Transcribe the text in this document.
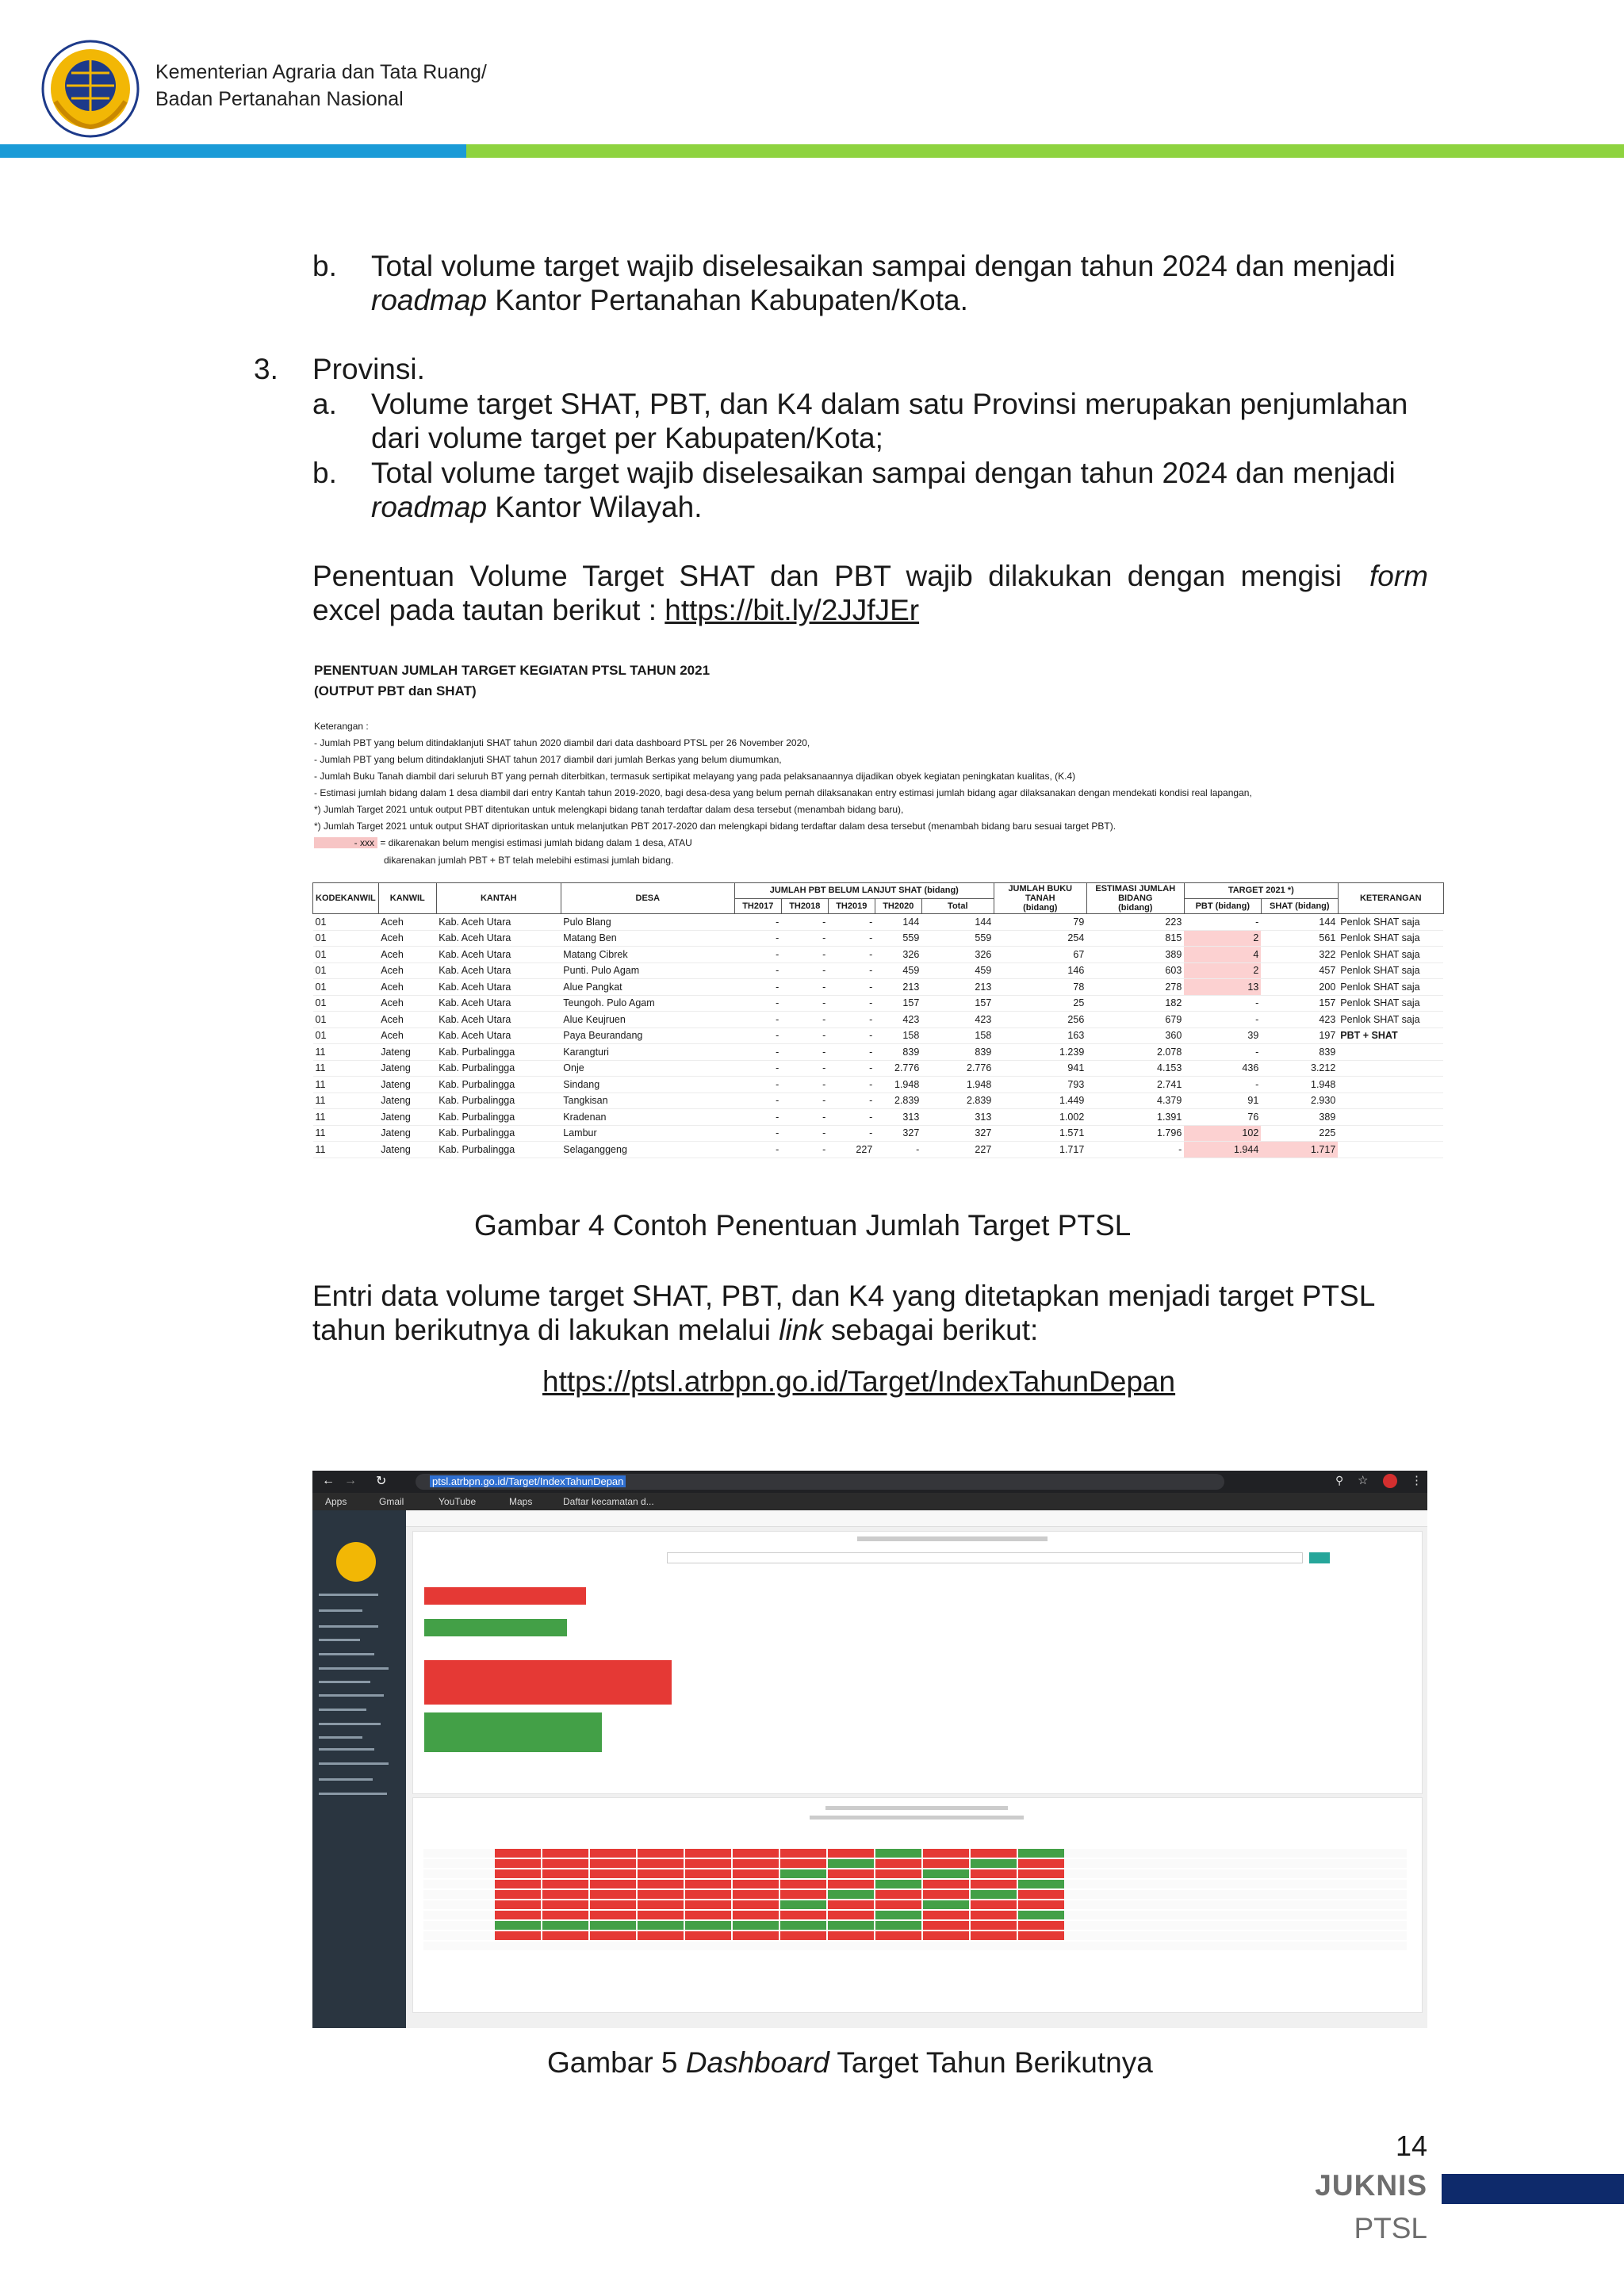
Kementerian Agraria dan Tata Ruang/
Badan Pertanahan Nasional
b. Total volume target wajib diselesaikan sampai dengan tahun 2024 dan menjadi
roadmap Kantor Pertanahan Kabupaten/Kota.
3. Provinsi.
a. Volume target SHAT, PBT, dan K4 dalam satu Provinsi merupakan penjumlahan
dari volume target per Kabupaten/Kota;
b. Total volume target wajib diselesaikan sampai dengan tahun 2024 dan menjadi
roadmap Kantor Wilayah.
Penentuan Volume Target SHAT dan PBT wajib dilakukan dengan mengisi form
excel pada tautan berikut : https://bit.ly/2JJfJEr
PENENTUAN JUMLAH TARGET KEGIATAN PTSL TAHUN 2021
(OUTPUT PBT dan SHAT)
Keterangan :
- Jumlah PBT yang belum ditindaklanjuti SHAT tahun 2020 diambil dari data dashboard PTSL per 26 November 2020,
- Jumlah PBT yang belum ditindaklanjuti SHAT tahun 2017 diambil dari jumlah Berkas yang belum diumumkan,
- Jumlah Buku Tanah diambil dari seluruh BT yang pernah diterbitkan, termasuk sertipikat melayang yang pada pelaksanaannya dijadikan obyek kegiatan peningkatan kualitas, (K.4)
- Estimasi jumlah bidang dalam 1 desa diambil dari entry Kantah tahun 2019-2020, bagi desa-desa yang belum pernah dilaksanakan entry estimasi jumlah bidang agar dilaksanakan dengan mendekati kondisi real lapangan,
*) Jumlah Target 2021 untuk output PBT ditentukan untuk melengkapi bidang tanah terdaftar dalam desa tersebut (menambah bidang baru),
*) Jumlah Target 2021 untuk output SHAT diprioritaskan untuk melanjutkan PBT 2017-2020 dan melengkapi bidang terdaftar dalam desa tersebut (menambah bidang baru sesuai target PBT).
- xxx = dikarenakan belum mengisi estimasi jumlah bidang dalam 1 desa, ATAU
dikarenakan jumlah PBT + BT telah melebihi estimasi jumlah bidang.
KODEKANWIL	KANWIL	KANTAH	DESA	JUMLAH PBT BELUM LANJUT SHAT (bidang)					JUMLAH BUKU TANAH
(bidang)	ESTIMASI JUMLAH BIDANG
(bidang)	TARGET 2021 *)		KETERANGAN
				TH2017	TH2018	TH2019	TH2020	Total			PBT (bidang)	SHAT (bidang)	
01	Aceh	Kab. Aceh Utara	Pulo Blang	-	-	-	144	144	79	223	-	144	Penlok SHAT saja
01	Aceh	Kab. Aceh Utara	Matang Ben	-	-	-	559	559	254	815	2	561	Penlok SHAT saja
01	Aceh	Kab. Aceh Utara	Matang Cibrek	-	-	-	326	326	67	389	4	322	Penlok SHAT saja
01	Aceh	Kab. Aceh Utara	Punti. Pulo Agam	-	-	-	459	459	146	603	2	457	Penlok SHAT saja
01	Aceh	Kab. Aceh Utara	Alue Pangkat	-	-	-	213	213	78	278	13	200	Penlok SHAT saja
01	Aceh	Kab. Aceh Utara	Teungoh. Pulo Agam	-	-	-	157	157	25	182	-	157	Penlok SHAT saja
01	Aceh	Kab. Aceh Utara	Alue Keujruen	-	-	-	423	423	256	679	-	423	Penlok SHAT saja
01	Aceh	Kab. Aceh Utara	Paya Beurandang	-	-	-	158	158	163	360	39	197	PBT + SHAT
11	Jateng	Kab. Purbalingga	Karangturi	-	-	-	839	839	1.239	2.078	-	839	
11	Jateng	Kab. Purbalingga	Onje	-	-	-	2.776	2.776	941	4.153	436	3.212	
11	Jateng	Kab. Purbalingga	Sindang	-	-	-	1.948	1.948	793	2.741	-	1.948	
11	Jateng	Kab. Purbalingga	Tangkisan	-	-	-	2.839	2.839	1.449	4.379	91	2.930	
11	Jateng	Kab. Purbalingga	Kradenan	-	-	-	313	313	1.002	1.391	76	389	
11	Jateng	Kab. Purbalingga	Lambur	-	-	-	327	327	1.571	1.796	102	225	
11	Jateng	Kab. Purbalingga	Selaganggeng	-	-	227	-	227	1.717	-	1.944	1.717	
Gambar 4 Contoh Penentuan Jumlah Target PTSL
Entri data volume target SHAT, PBT, dan K4 yang ditetapkan menjadi target PTSL
tahun berikutnya di lakukan melalui link sebagai berikut:
https://ptsl.atrbpn.go.id/Target/IndexTahunDepan
← → ↻	ptsl.atrbpn.go.id/Target/IndexTahunDepan	⚲ ☆	⋮
Apps	Gmail	YouTube	Maps	Daftar kecamatan d...
Gambar 5 Dashboard Target Tahun Berikutnya
14
JUKNIS
PTSL
